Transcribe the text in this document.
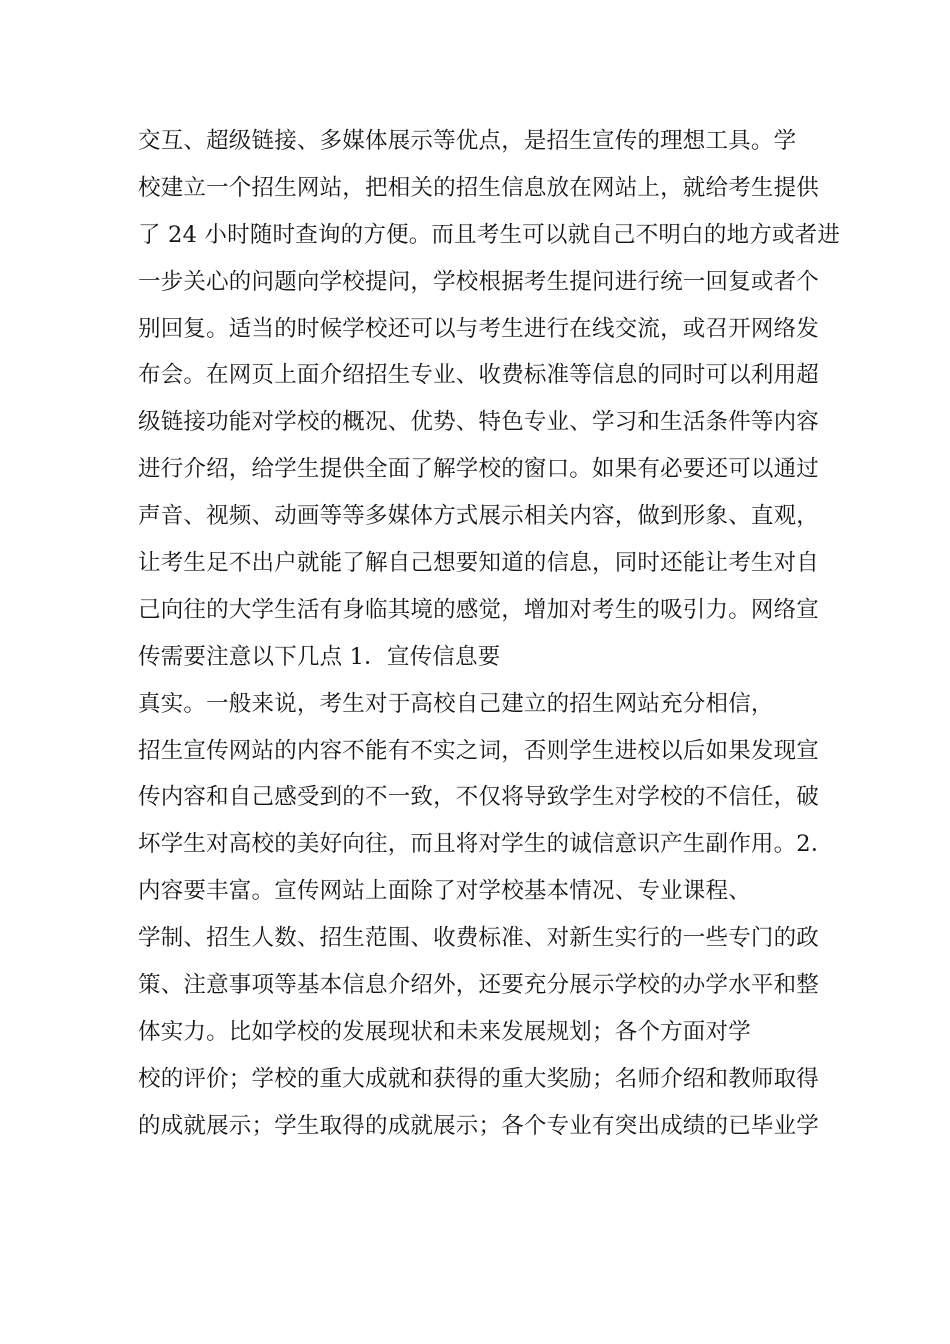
交互、超级链接、多媒体展示等优点，是招生宣传的理想工具。学
校建立一个招生网站，把相关的招生信息放在网站上，就给考生提供
了 24 小时随时查询的方便。而且考生可以就自己不明白的地方或者进
一步关心的问题向学校提问，学校根据考生提问进行统一回复或者个
别回复。适当的时候学校还可以与考生进行在线交流，或召开网络发
布会。在网页上面介绍招生专业、收费标准等信息的同时可以利用超
级链接功能对学校的概况、优势、特色专业、学习和生活条件等内容
进行介绍，给学生提供全面了解学校的窗口。如果有必要还可以通过
声音、视频、动画等等多媒体方式展示相关内容，做到形象、直观，
让考生足不出户就能了解自己想要知道的信息，同时还能让考生对自
己向往的大学生活有身临其境的感觉，增加对考生的吸引力。网络宣
传需要注意以下几点 1．宣传信息要
真实。一般来说，考生对于高校自己建立的招生网站充分相信，
招生宣传网站的内容不能有不实之词，否则学生进校以后如果发现宣
传内容和自己感受到的不一致，不仅将导致学生对学校的不信任，破
坏学生对高校的美好向往，而且将对学生的诚信意识产生副作用。2．
内容要丰富。宣传网站上面除了对学校基本情况、专业课程、
学制、招生人数、招生范围、收费标准、对新生实行的一些专门的政
策、注意事项等基本信息介绍外，还要充分展示学校的办学水平和整
体实力。比如学校的发展现状和未来发展规划；各个方面对学
校的评价；学校的重大成就和获得的重大奖励；名师介绍和教师取得
的成就展示；学生取得的成就展示；各个专业有突出成绩的已毕业学
